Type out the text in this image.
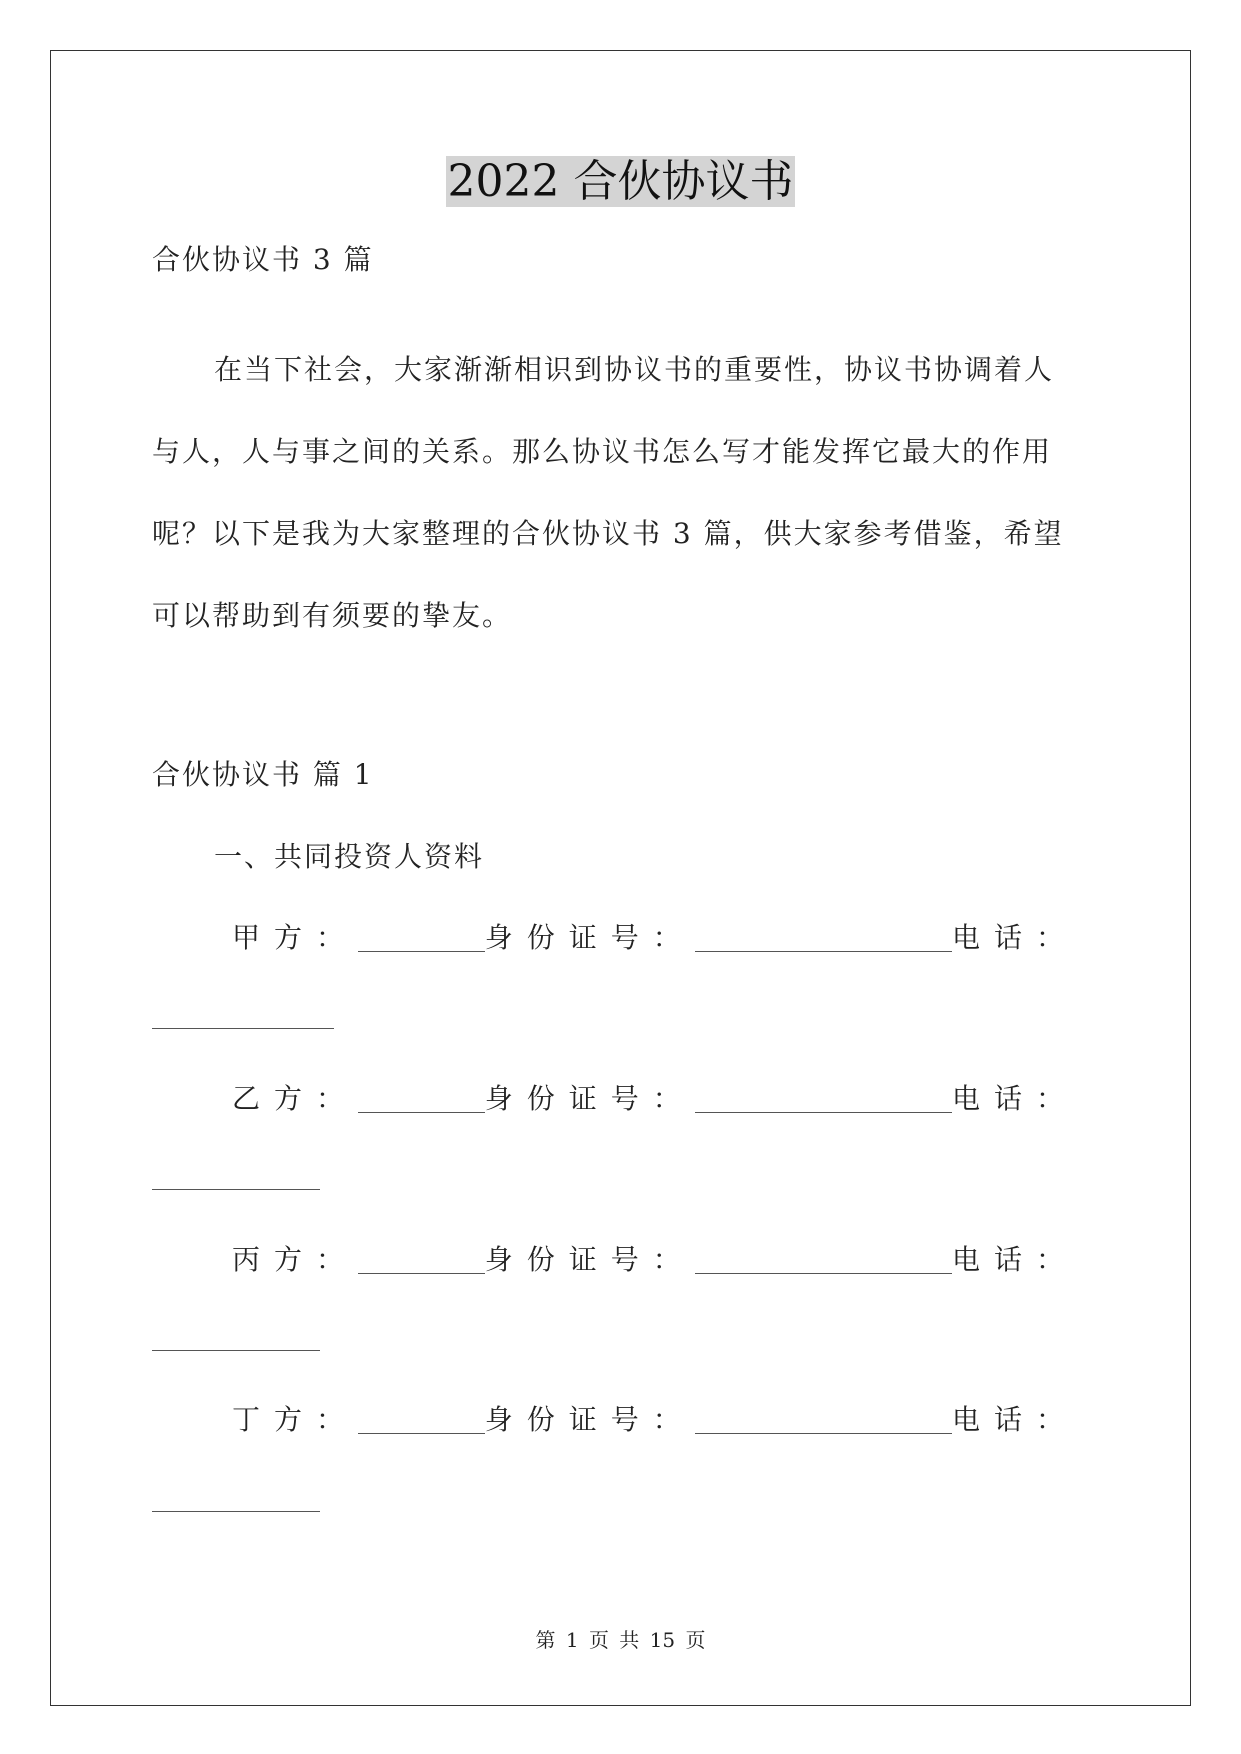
2022 合伙协议书
合伙协议书 3 篇
在当下社会，大家渐渐相识到协议书的重要性，协议书协调着人
与人，人与事之间的关系。那么协议书怎么写才能发挥它最大的作用
呢？以下是我为大家整理的合伙协议书 3 篇，供大家参考借鉴，希望
可以帮助到有须要的挚友。
合伙协议书 篇 1
一、共同投资人资料
甲方：	身份证号：	电话：
乙方：	身份证号：	电话：
丙方：	身份证号：	电话：
丁方：	身份证号：	电话：
第 1 页 共 15 页
